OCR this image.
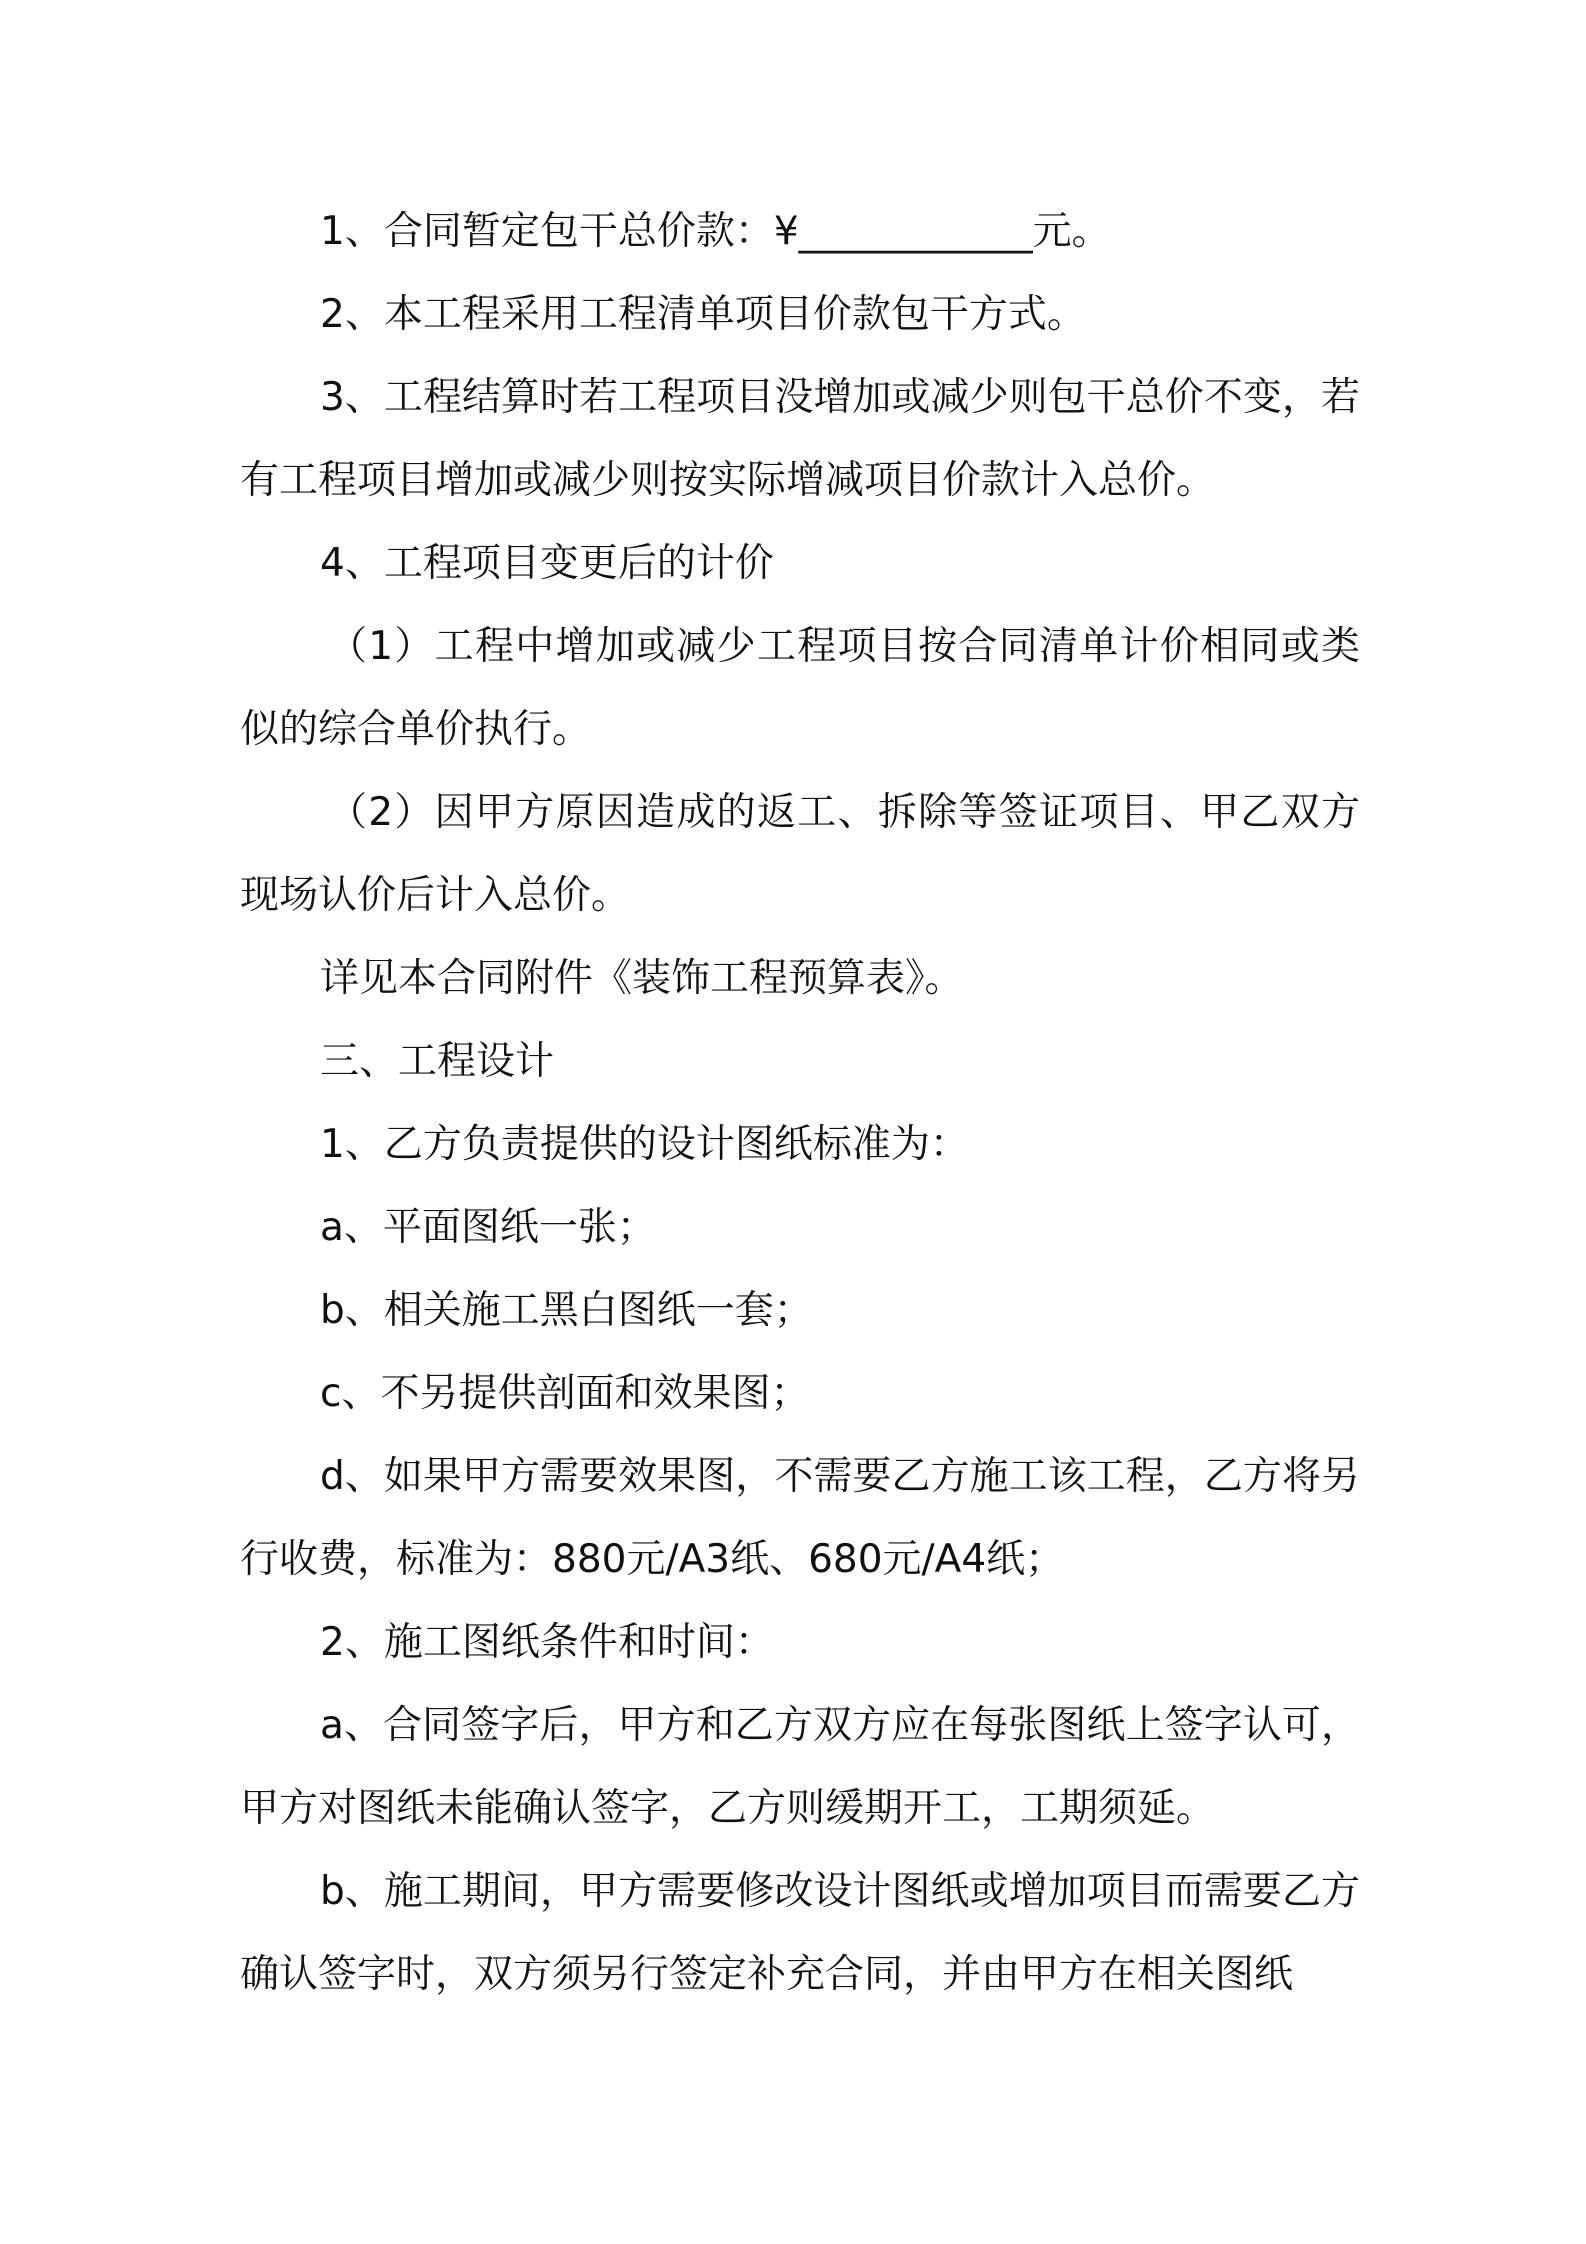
1、合同暂定包干总价款：¥____________元。

2、本工程采用工程清单项目价款包干方式。

3、工程结算时若工程项目没增加或减少则包干总价不变，若有工程项目增加或减少则按实际增减项目价款计入总价。

4、工程项目变更后的计价

（1）工程中增加或减少工程项目按合同清单计价相同或类似的综合单价执行。

（2）因甲方原因造成的返工、拆除等签证项目、甲乙双方现场认价后计入总价。

详见本合同附件《装饰工程预算表》。

三、工程设计

1、乙方负责提供的设计图纸标准为：

a、平面图纸一张；

b、相关施工黑白图纸一套；

c、不另提供剖面和效果图；

d、如果甲方需要效果图，不需要乙方施工该工程，乙方将另行收费，标准为：880元/A3纸、680元/A4纸；

2、施工图纸条件和时间：

a、合同签字后，甲方和乙方双方应在每张图纸上签字认可，甲方对图纸未能确认签字，乙方则缓期开工，工期须延。

b、施工期间，甲方需要修改设计图纸或增加项目而需要乙方确认签字时，双方须另行签定补充合同，并由甲方在相关图纸
